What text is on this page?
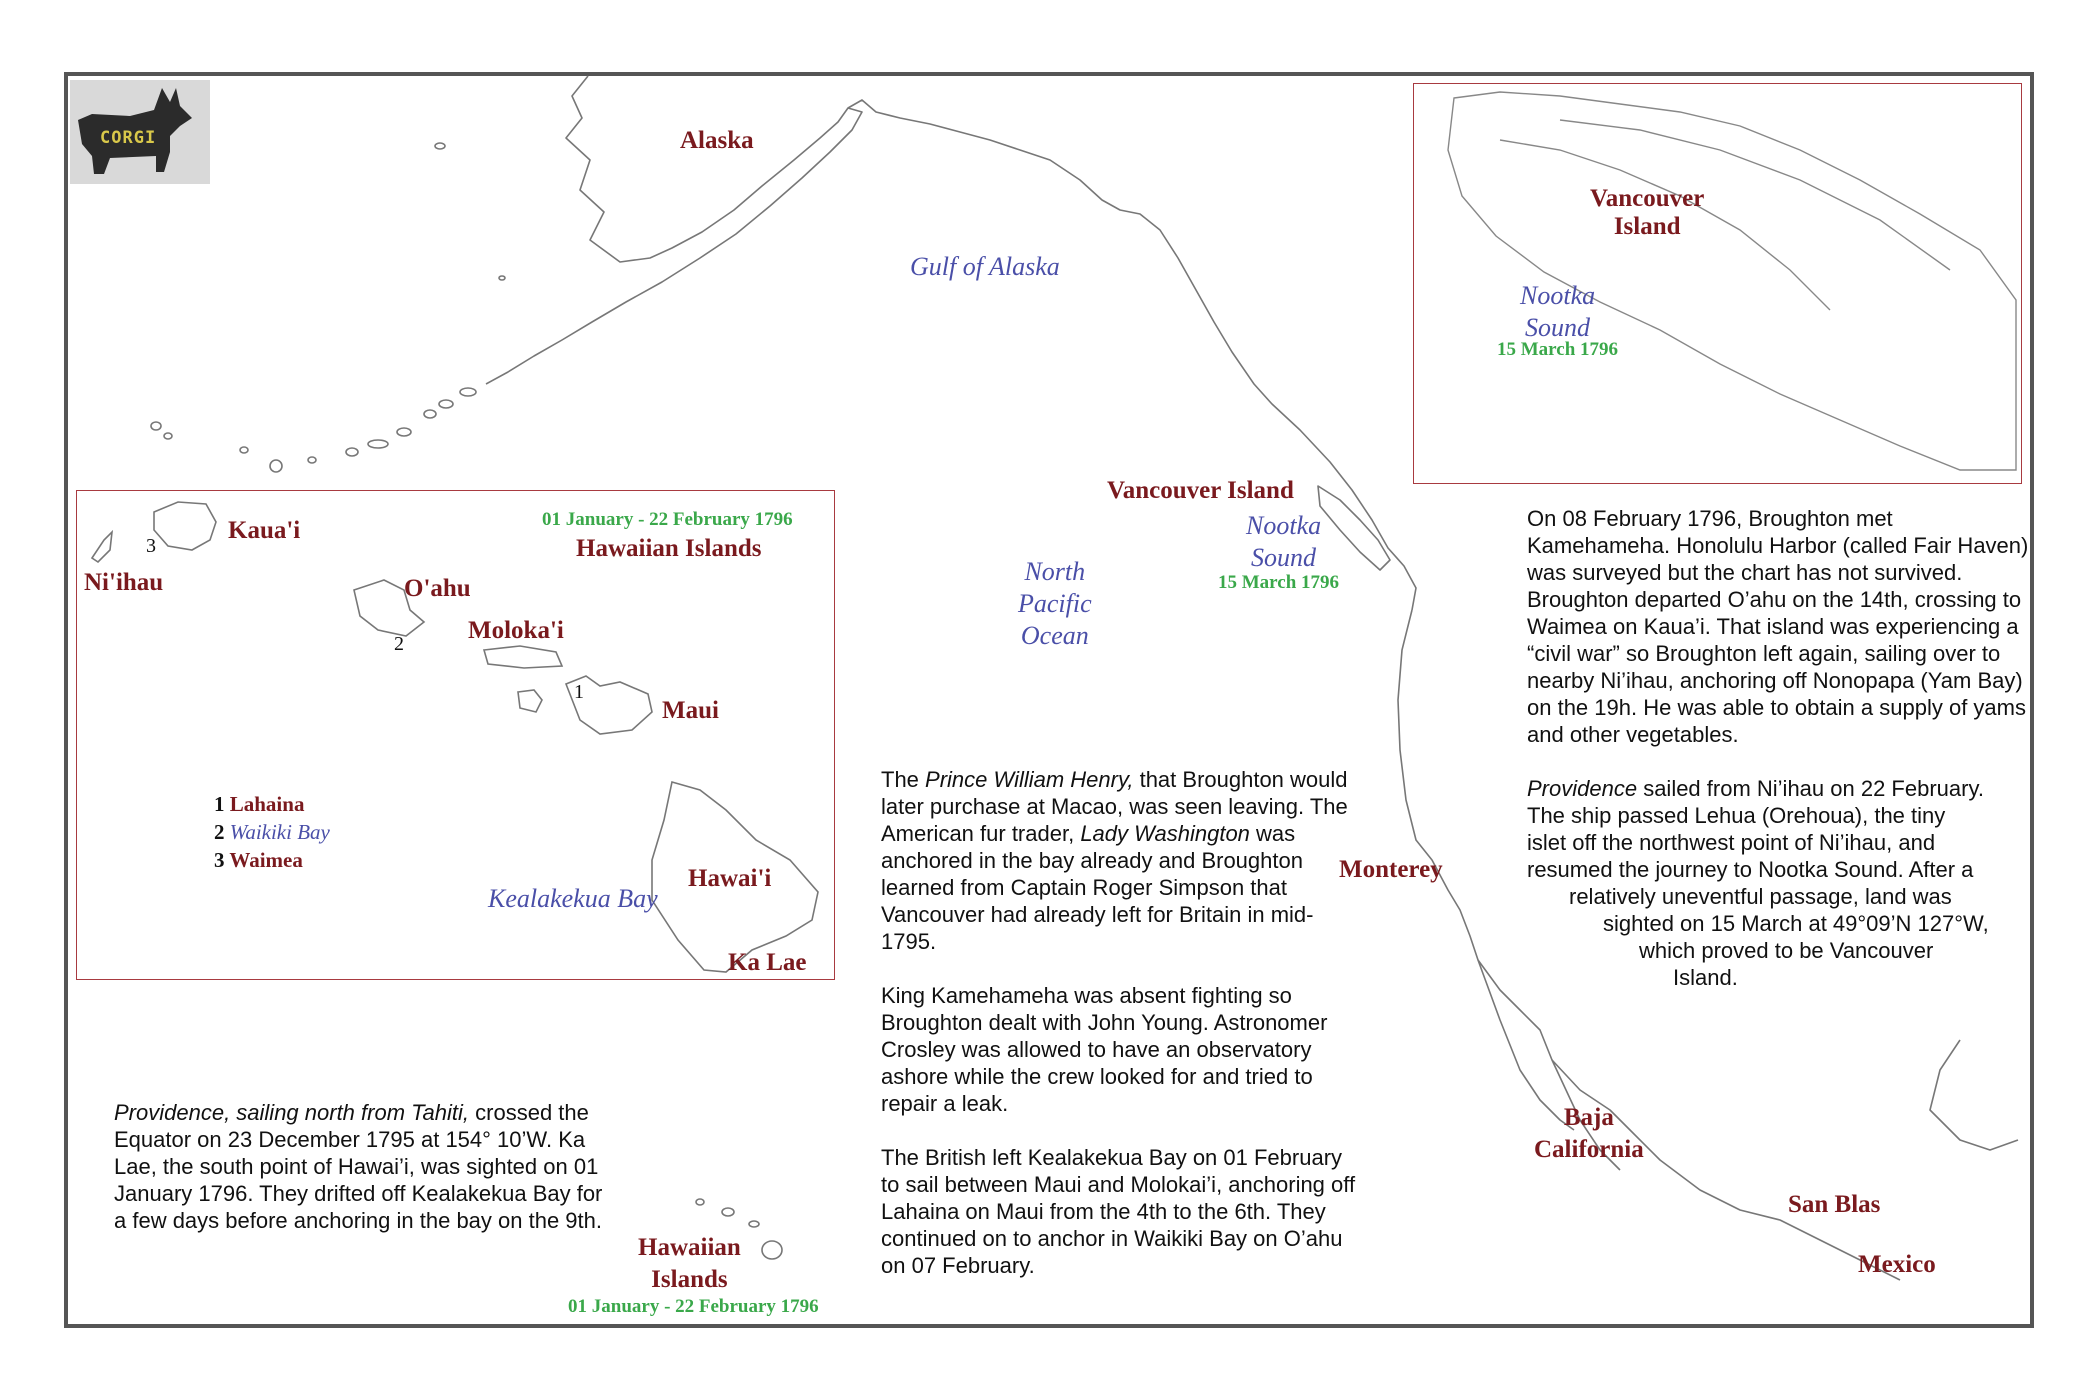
CORGI
Vancouver
Island
Nootka
Sound
15 March 1796
Alaska
Gulf of Alaska
North
Pacific
Ocean
Vancouver Island
Nootka
Sound
15 March 1796
Monterey
Baja
California
San Blas
Mexico
Hawaiian
Islands
01 January - 22 February 1796
01 January - 22 February 1796
Hawaiian Islands
Ni'ihau
Kaua'i
O'ahu
Moloka'i
Maui
Hawai'i
Kealakekua Bay
Ka Lae
1
2
3
1 Lahaina
2 Waikiki Bay
3 Waimea
Providence, sailing north from Tahiti, crossed the Equator on 23 December 1795 at 154° 10’W. Ka Lae, the south point of Hawai’i, was sighted on 01 January 1796. They drifted off Kealakekua Bay for a few days before anchoring in the bay on the 9th.

The Prince William Henry, that Broughton would later purchase at Macao, was seen leaving. The American fur trader, Lady Washington was anchored in the bay already and Broughton learned from Captain Roger Simpson that Vancouver had already left for Britain in mid-1795.

King Kamehameha was absent fighting so Broughton dealt with John Young. Astronomer Crosley was allowed to have an observatory ashore while the crew looked for and tried to repair a leak.

The British left Kealakekua Bay on 01 February to sail between Maui and Molokai’i, anchoring off Lahaina on Maui from the 4th to the 6th. They continued on to anchor in Waikiki Bay on O’ahu on 07 February.

On 08 February 1796, Broughton met Kamehameha. Honolulu Harbor (called Fair Haven) was surveyed but the chart has not survived. Broughton departed O’ahu on the 14th, crossing to Waimea on Kaua’i. That island was experiencing a “civil war” so Broughton left again, sailing over to nearby Ni’ihau, anchoring off Nonopapa (Yam Bay) on the 19h. He was able to obtain a supply of yams and other vegetables.

Providence sailed from Ni’ihau on 22 February.
The ship passed Lehua (Orehoua), the tiny
islet off the northwest point of Ni’ihau, and
resumed the journey to Nootka Sound. After a
relatively uneventful passage, land was
sighted on 15 March at 49°09’N 127°W,
which proved to be Vancouver
Island.
